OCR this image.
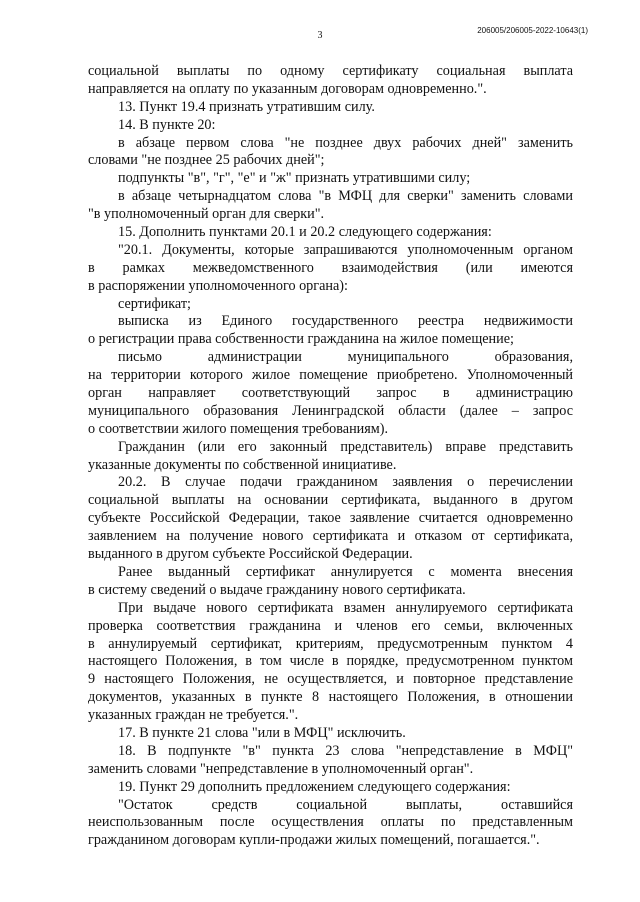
3	206005/206005-2022-10643(1)
социальной выплаты по одному сертификату социальная выплата
направляется на оплату по указанным договорам одновременно.".
13. Пункт 19.4 признать утратившим силу.
14. В пункте 20:
в абзаце первом слова "не позднее двух рабочих дней" заменить
словами "не позднее 25 рабочих дней";
подпункты "в", "г", "е" и "ж" признать утратившими силу;
в абзаце четырнадцатом слова "в МФЦ для сверки" заменить словами
"в уполномоченный орган для сверки".
15. Дополнить пунктами 20.1 и 20.2 следующего содержания:
"20.1. Документы, которые запрашиваются уполномоченным органом
в рамках межведомственного взаимодействия (или имеются
в распоряжении уполномоченного органа):
сертификат;
выписка из Единого государственного реестра недвижимости
о регистрации права собственности гражданина на жилое помещение;
письмо администрации муниципального образования,
на территории которого жилое помещение приобретено. Уполномоченный
орган направляет соответствующий запрос в администрацию
муниципального образования Ленинградской области (далее – запрос
о соответствии жилого помещения требованиям).
Гражданин (или его законный представитель) вправе представить
указанные документы по собственной инициативе.
20.2. В случае подачи гражданином заявления о перечислении
социальной выплаты на основании сертификата, выданного в другом
субъекте Российской Федерации, такое заявление считается одновременно
заявлением на получение нового сертификата и отказом от сертификата,
выданного в другом субъекте Российской Федерации.
Ранее выданный сертификат аннулируется с момента внесения
в систему сведений о выдаче гражданину нового сертификата.
При выдаче нового сертификата взамен аннулируемого сертификата
проверка соответствия гражданина и членов его семьи, включенных
в аннулируемый сертификат, критериям, предусмотренным пунктом 4
настоящего Положения, в том числе в порядке, предусмотренном пунктом
9 настоящего Положения, не осуществляется, и повторное представление
документов, указанных в пункте 8 настоящего Положения, в отношении
указанных граждан не требуется.".
17. В пункте 21 слова "или в МФЦ" исключить.
18. В подпункте "в" пункта 23 слова "непредставление в МФЦ"
заменить словами "непредставление в уполномоченный орган".
19. Пункт 29 дополнить предложением следующего содержания:
"Остаток средств социальной выплаты, оставшийся
неиспользованным после осуществления оплаты по представленным
гражданином договорам купли-продажи жилых помещений, погашается.".
